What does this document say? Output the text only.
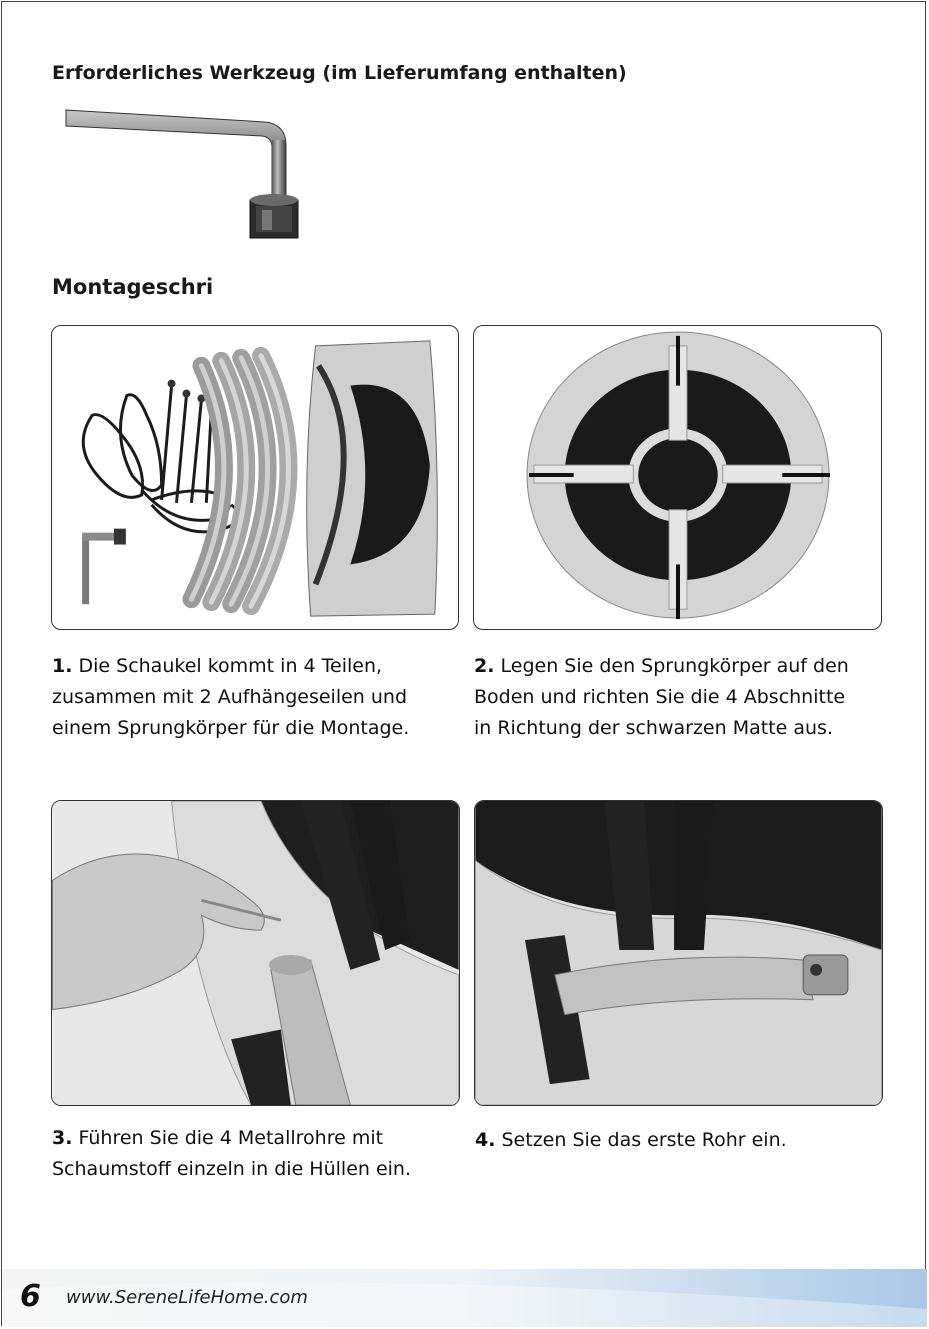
Erforderliches Werkzeug (im Lieferumfang enthalten)
Montageschri
1. Die Schaukel kommt in 4 Teilen,
zusammen mit 2 Aufhängeseilen und
einem Sprungkörper für die Montage.
2. Legen Sie den Sprungkörper auf den
Boden und richten Sie die 4 Abschnitte
in Richtung der schwarzen Matte aus.
3. Führen Sie die 4 Metallrohre mit
Schaumstoff einzeln in die Hüllen ein.
4. Setzen Sie das erste Rohr ein.
6 www.SereneLifeHome.com
